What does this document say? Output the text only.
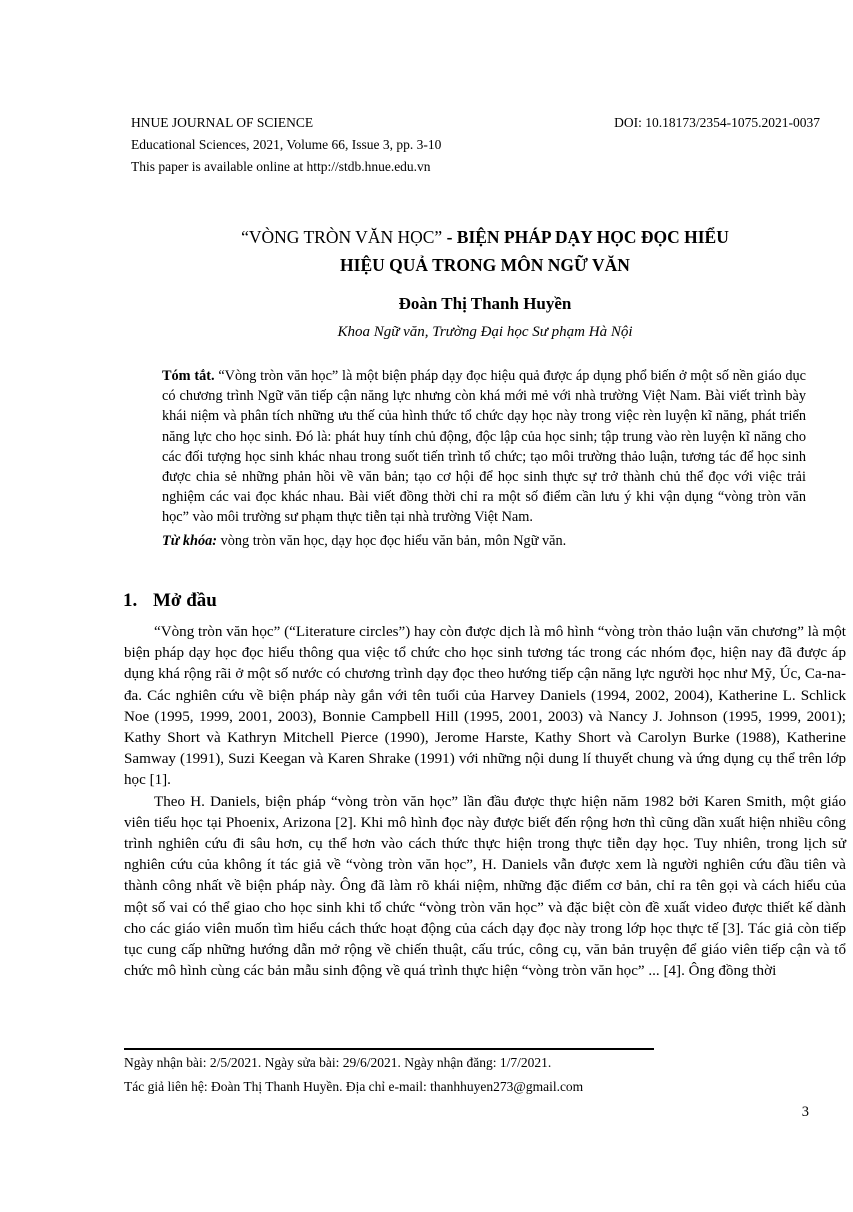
HNUE JOURNAL OF SCIENCE	DOI: 10.18173/2354-1075.2021-0037
Educational Sciences, 2021, Volume 66, Issue 3, pp. 3-10
This paper is available online at http://stdb.hnue.edu.vn
“VÒNG TRÒN VĂN HỌC” - BIỆN PHÁP DẠY HỌC ĐỌC HIỂU
HIỆU QUẢ TRONG MÔN NGỮ VĂN
Đoàn Thị Thanh Huyền
Khoa Ngữ văn, Trường Đại học Sư phạm Hà Nội

Tóm tắt. “Vòng tròn văn học” là một biện pháp dạy đọc hiệu quả được áp dụng phổ biến ở một số nền giáo dục có chương trình Ngữ văn tiếp cận năng lực nhưng còn khá mới mẻ với nhà trường Việt Nam. Bài viết trình bày khái niệm và phân tích những ưu thế của hình thức tổ chức dạy học này trong việc rèn luyện kĩ năng, phát triển năng lực cho học sinh. Đó là: phát huy tính chủ động, độc lập của học sinh; tập trung vào rèn luyện kĩ năng cho các đối tượng học sinh khác nhau trong suốt tiến trình tổ chức; tạo môi trường thảo luận, tương tác để học sinh được chia sẻ những phản hồi về văn bản; tạo cơ hội để học sinh thực sự trở thành chủ thể đọc với việc trải nghiệm các vai đọc khác nhau. Bài viết đồng thời chỉ ra một số điểm cần lưu ý khi vận dụng “vòng tròn văn học” vào môi trường sư phạm thực tiễn tại nhà trường Việt Nam.

Từ khóa: vòng tròn văn học, dạy học đọc hiểu văn bản, môn Ngữ văn.

1. Mở đầu

“Vòng tròn văn học” (“Literature circles”) hay còn được dịch là mô hình “vòng tròn thảo luận văn chương” là một biện pháp dạy học đọc hiểu thông qua việc tổ chức cho học sinh tương tác trong các nhóm đọc, hiện nay đã được áp dụng khá rộng rãi ở một số nước có chương trình dạy đọc theo hướng tiếp cận năng lực người học như Mỹ, Úc, Ca-na-đa. Các nghiên cứu về biện pháp này gắn với tên tuổi của Harvey Daniels (1994, 2002, 2004), Katherine L. Schlick Noe (1995, 1999, 2001, 2003), Bonnie Campbell Hill (1995, 2001, 2003) và Nancy J. Johnson (1995, 1999, 2001); Kathy Short và Kathryn Mitchell Pierce (1990), Jerome Harste, Kathy Short và Carolyn Burke (1988), Katherine Samway (1991), Suzi Keegan và Karen Shrake (1991) với những nội dung lí thuyết chung và ứng dụng cụ thể trên lớp học [1].

Theo H. Daniels, biện pháp “vòng tròn văn học” lần đầu được thực hiện năm 1982 bởi Karen Smith, một giáo viên tiểu học tại Phoenix, Arizona [2]. Khi mô hình đọc này được biết đến rộng hơn thì cũng dần xuất hiện nhiều công trình nghiên cứu đi sâu hơn, cụ thể hơn vào cách thức thực hiện trong thực tiễn dạy học. Tuy nhiên, trong lịch sử nghiên cứu của không ít tác giả về “vòng tròn văn học”, H. Daniels vẫn được xem là người nghiên cứu đầu tiên và thành công nhất về biện pháp này. Ông đã làm rõ khái niệm, những đặc điểm cơ bản, chỉ ra tên gọi và cách hiểu của một số vai có thể giao cho học sinh khi tổ chức “vòng tròn văn học” và đặc biệt còn đề xuất video được thiết kế dành cho các giáo viên muốn tìm hiểu cách thức hoạt động của cách dạy đọc này trong lớp học thực tế [3]. Tác giả còn tiếp tục cung cấp những hướng dẫn mở rộng về chiến thuật, cấu trúc, công cụ, văn bản truyện để giáo viên tiếp cận và tổ chức mô hình cùng các bản mẫu sinh động về quá trình thực hiện “vòng tròn văn học” ... [4]. Ông đồng thời

Ngày nhận bài: 2/5/2021. Ngày sửa bài: 29/6/2021. Ngày nhận đăng: 1/7/2021.
Tác giả liên hệ: Đoàn Thị Thanh Huyền. Địa chỉ e-mail: thanhhuyen273@gmail.com
3
